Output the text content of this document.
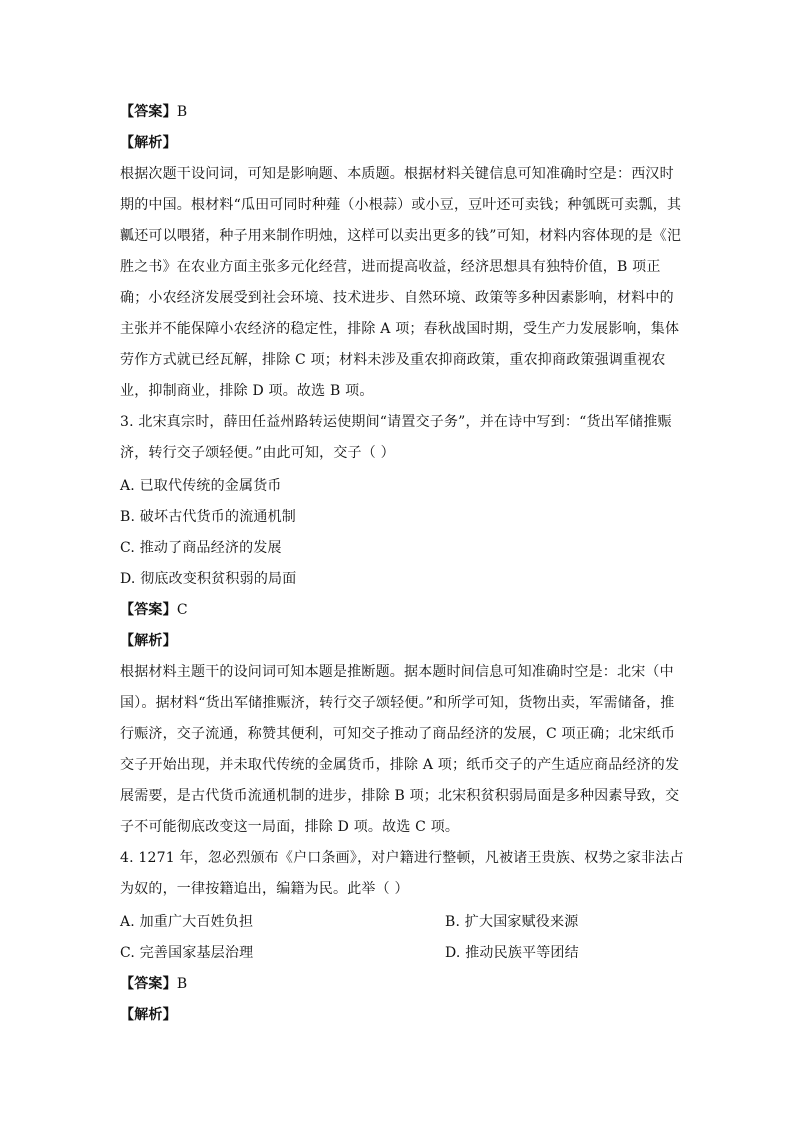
【答案】B
【解析】
根据次题干设问词，可知是影响题、本质题。根据材料关键信息可知准确时空是：西汉时
期的中国。根材料“瓜田可同时种薤（小根蒜）或小豆，豆叶还可卖钱；种瓠既可卖瓢，其
瓤还可以喂猪，种子用来制作明烛，这样可以卖出更多的钱”可知，材料内容体现的是《汜
胜之书》在农业方面主张多元化经营，进而提高收益，经济思想具有独特价值，B 项正
确；小农经济发展受到社会环境、技术进步、自然环境、政策等多种因素影响，材料中的
主张并不能保障小农经济的稳定性，排除 A 项；春秋战国时期，受生产力发展影响，集体
劳作方式就已经瓦解，排除 C 项；材料未涉及重农抑商政策，重农抑商政策强调重视农
业，抑制商业，排除 D 项。故选 B 项。
3. 北宋真宗时，薛田任益州路转运使期间“请置交子务”，并在诗中写到：“货出军储推赈
济，转行交子颂轻便。”由此可知，交子（ ）
A. 已取代传统的金属货币
B. 破坏古代货币的流通机制
C. 推动了商品经济的发展
D. 彻底改变积贫积弱的局面
【答案】C
【解析】
根据材料主题干的设问词可知本题是推断题。据本题时间信息可知准确时空是：北宋（中
国）。据材料“货出军储推赈济，转行交子颂轻便。”和所学可知，货物出卖，军需储备，推
行赈济，交子流通，称赞其便利，可知交子推动了商品经济的发展，C 项正确；北宋纸币
交子开始出现，并未取代传统的金属货币，排除 A 项；纸币交子的产生适应商品经济的发
展需要，是古代货币流通机制的进步，排除 B 项；北宋积贫积弱局面是多种因素导致，交
子不可能彻底改变这一局面，排除 D 项。故选 C 项。
4. 1271 年，忽必烈颁布《户口条画》，对户籍进行整顿，凡被诸王贵族、权势之家非法占
为奴的，一律按籍追出，编籍为民。此举（ ）
A. 加重广大百姓负担	B. 扩大国家赋役来源
C. 完善国家基层治理	D. 推动民族平等团结
【答案】B
【解析】
